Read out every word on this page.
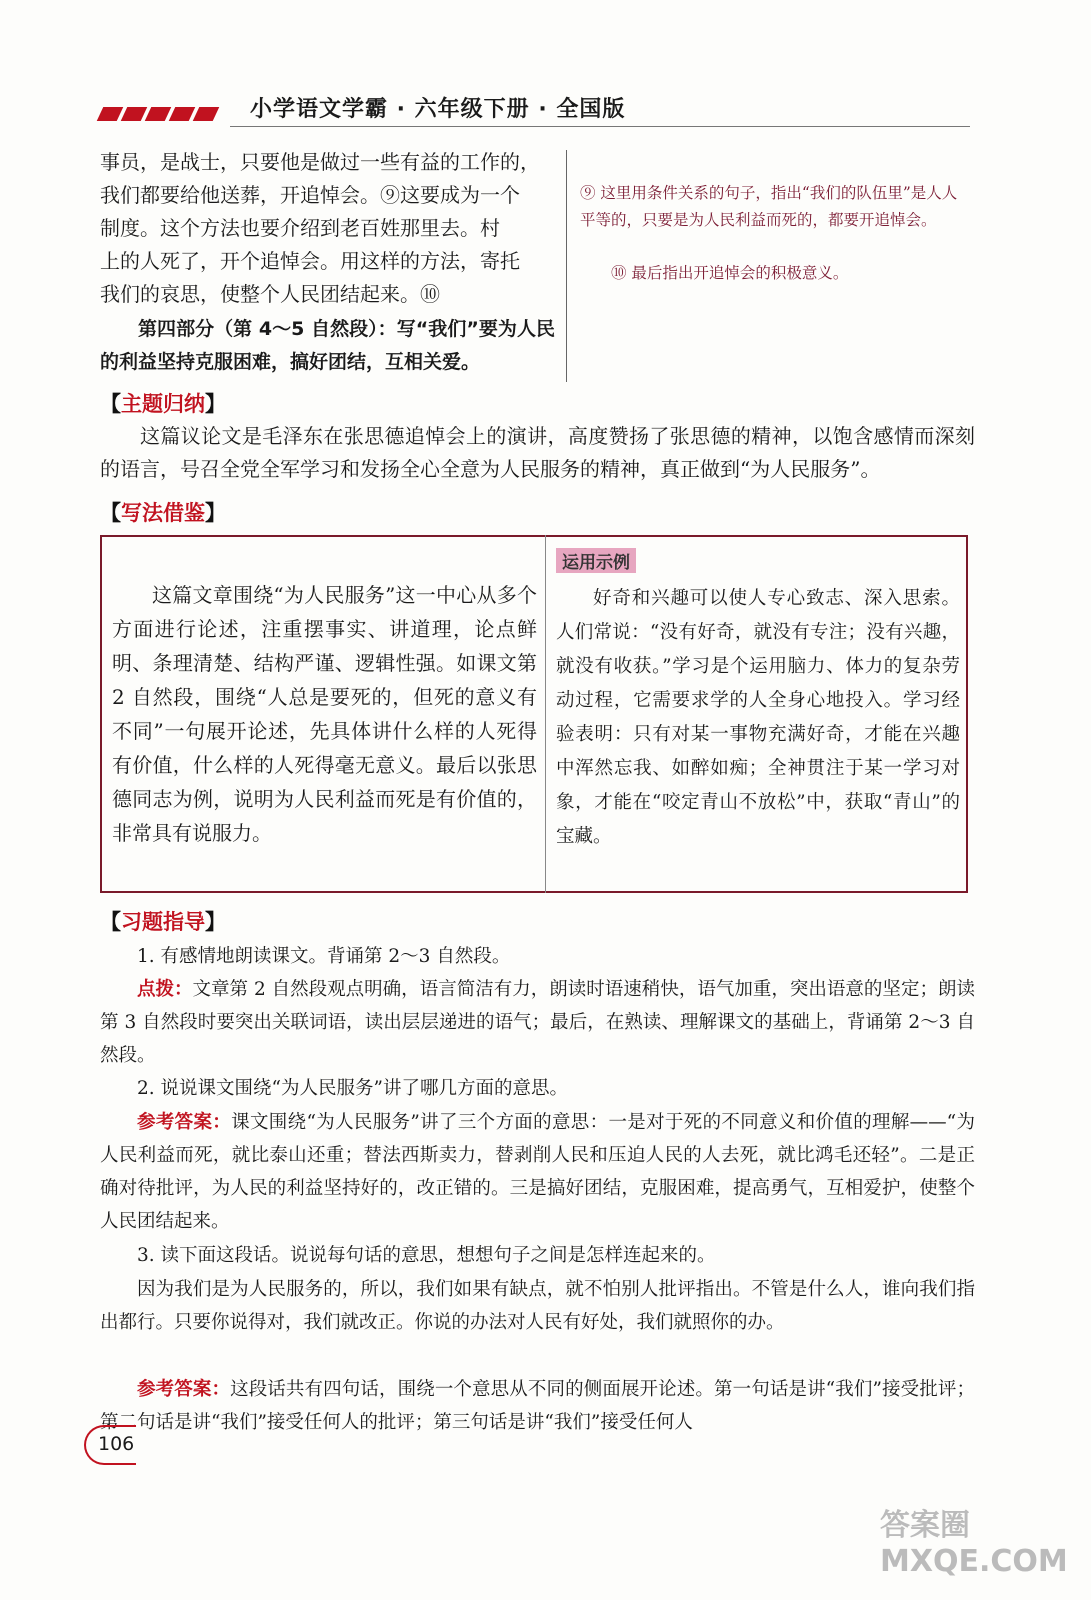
小学语文学霸 · 六年级下册 · 全国版

事员，是战士，只要他是做过一些有益的工作的，

我们都要给他送葬，开追悼会。⑨这要成为一个

制度。这个方法也要介绍到老百姓那里去。村

上的人死了，开个追悼会。用这样的方法，寄托

我们的哀思，使整个人民团结起来。⑩

第四部分（第 4～5 自然段）：写“我们”要为人民的利益坚持克服困难，搞好团结，互相关爱。

⑨ 这里用条件关系的句子，指出“我们的队伍里”是人人平等的，只要是为人民利益而死的，都要开追悼会。

⑩ 最后指出开追悼会的积极意义。

【主题归纳】
这篇议论文是毛泽东在张思德追悼会上的演讲，高度赞扬了张思德的精神，以饱含感情而深刻的语言，号召全党全军学习和发扬全心全意为人民服务的精神，真正做到“为人民服务”。
【写法借鉴】
这篇文章围绕“为人民服务”这一中心从多个方面进行论述，注重摆事实、讲道理，论点鲜明、条理清楚、结构严谨、逻辑性强。如课文第 2 自然段，围绕“人总是要死的，但死的意义有不同”一句展开论述，先具体讲什么样的人死得有价值，什么样的人死得毫无意义。最后以张思德同志为例，说明为人民利益而死是有价值的，非常具有说服力。
运用示例
好奇和兴趣可以使人专心致志、深入思索。人们常说：“没有好奇，就没有专注；没有兴趣，就没有收获。”学习是个运用脑力、体力的复杂劳动过程，它需要求学的人全身心地投入。学习经验表明：只有对某一事物充满好奇，才能在兴趣中浑然忘我、如醉如痴；全神贯注于某一学习对象，才能在“咬定青山不放松”中，获取“青山”的宝藏。
【习题指导】
1. 有感情地朗读课文。背诵第 2～3 自然段。
点拨：文章第 2 自然段观点明确，语言简洁有力，朗读时语速稍快，语气加重，突出语意的坚定；朗读第 3 自然段时要突出关联词语，读出层层递进的语气；最后，在熟读、理解课文的基础上，背诵第 2～3 自然段。
2. 说说课文围绕“为人民服务”讲了哪几方面的意思。
参考答案：课文围绕“为人民服务”讲了三个方面的意思：一是对于死的不同意义和价值的理解——“为人民利益而死，就比泰山还重；替法西斯卖力，替剥削人民和压迫人民的人去死，就比鸿毛还轻”。二是正确对待批评，为人民的利益坚持好的，改正错的。三是搞好团结，克服困难，提高勇气，互相爱护，使整个人民团结起来。
3. 读下面这段话。说说每句话的意思，想想句子之间是怎样连起来的。
因为我们是为人民服务的，所以，我们如果有缺点，就不怕别人批评指出。不管是什么人，谁向我们指出都行。只要你说得对，我们就改正。你说的办法对人民有好处，我们就照你的办。
参考答案：这段话共有四句话，围绕一个意思从不同的侧面展开论述。第一句话是讲“我们”接受批评；第二句话是讲“我们”接受任何人的批评；第三句话是讲“我们”接受任何人
106
答案圈 MXQE.COM
